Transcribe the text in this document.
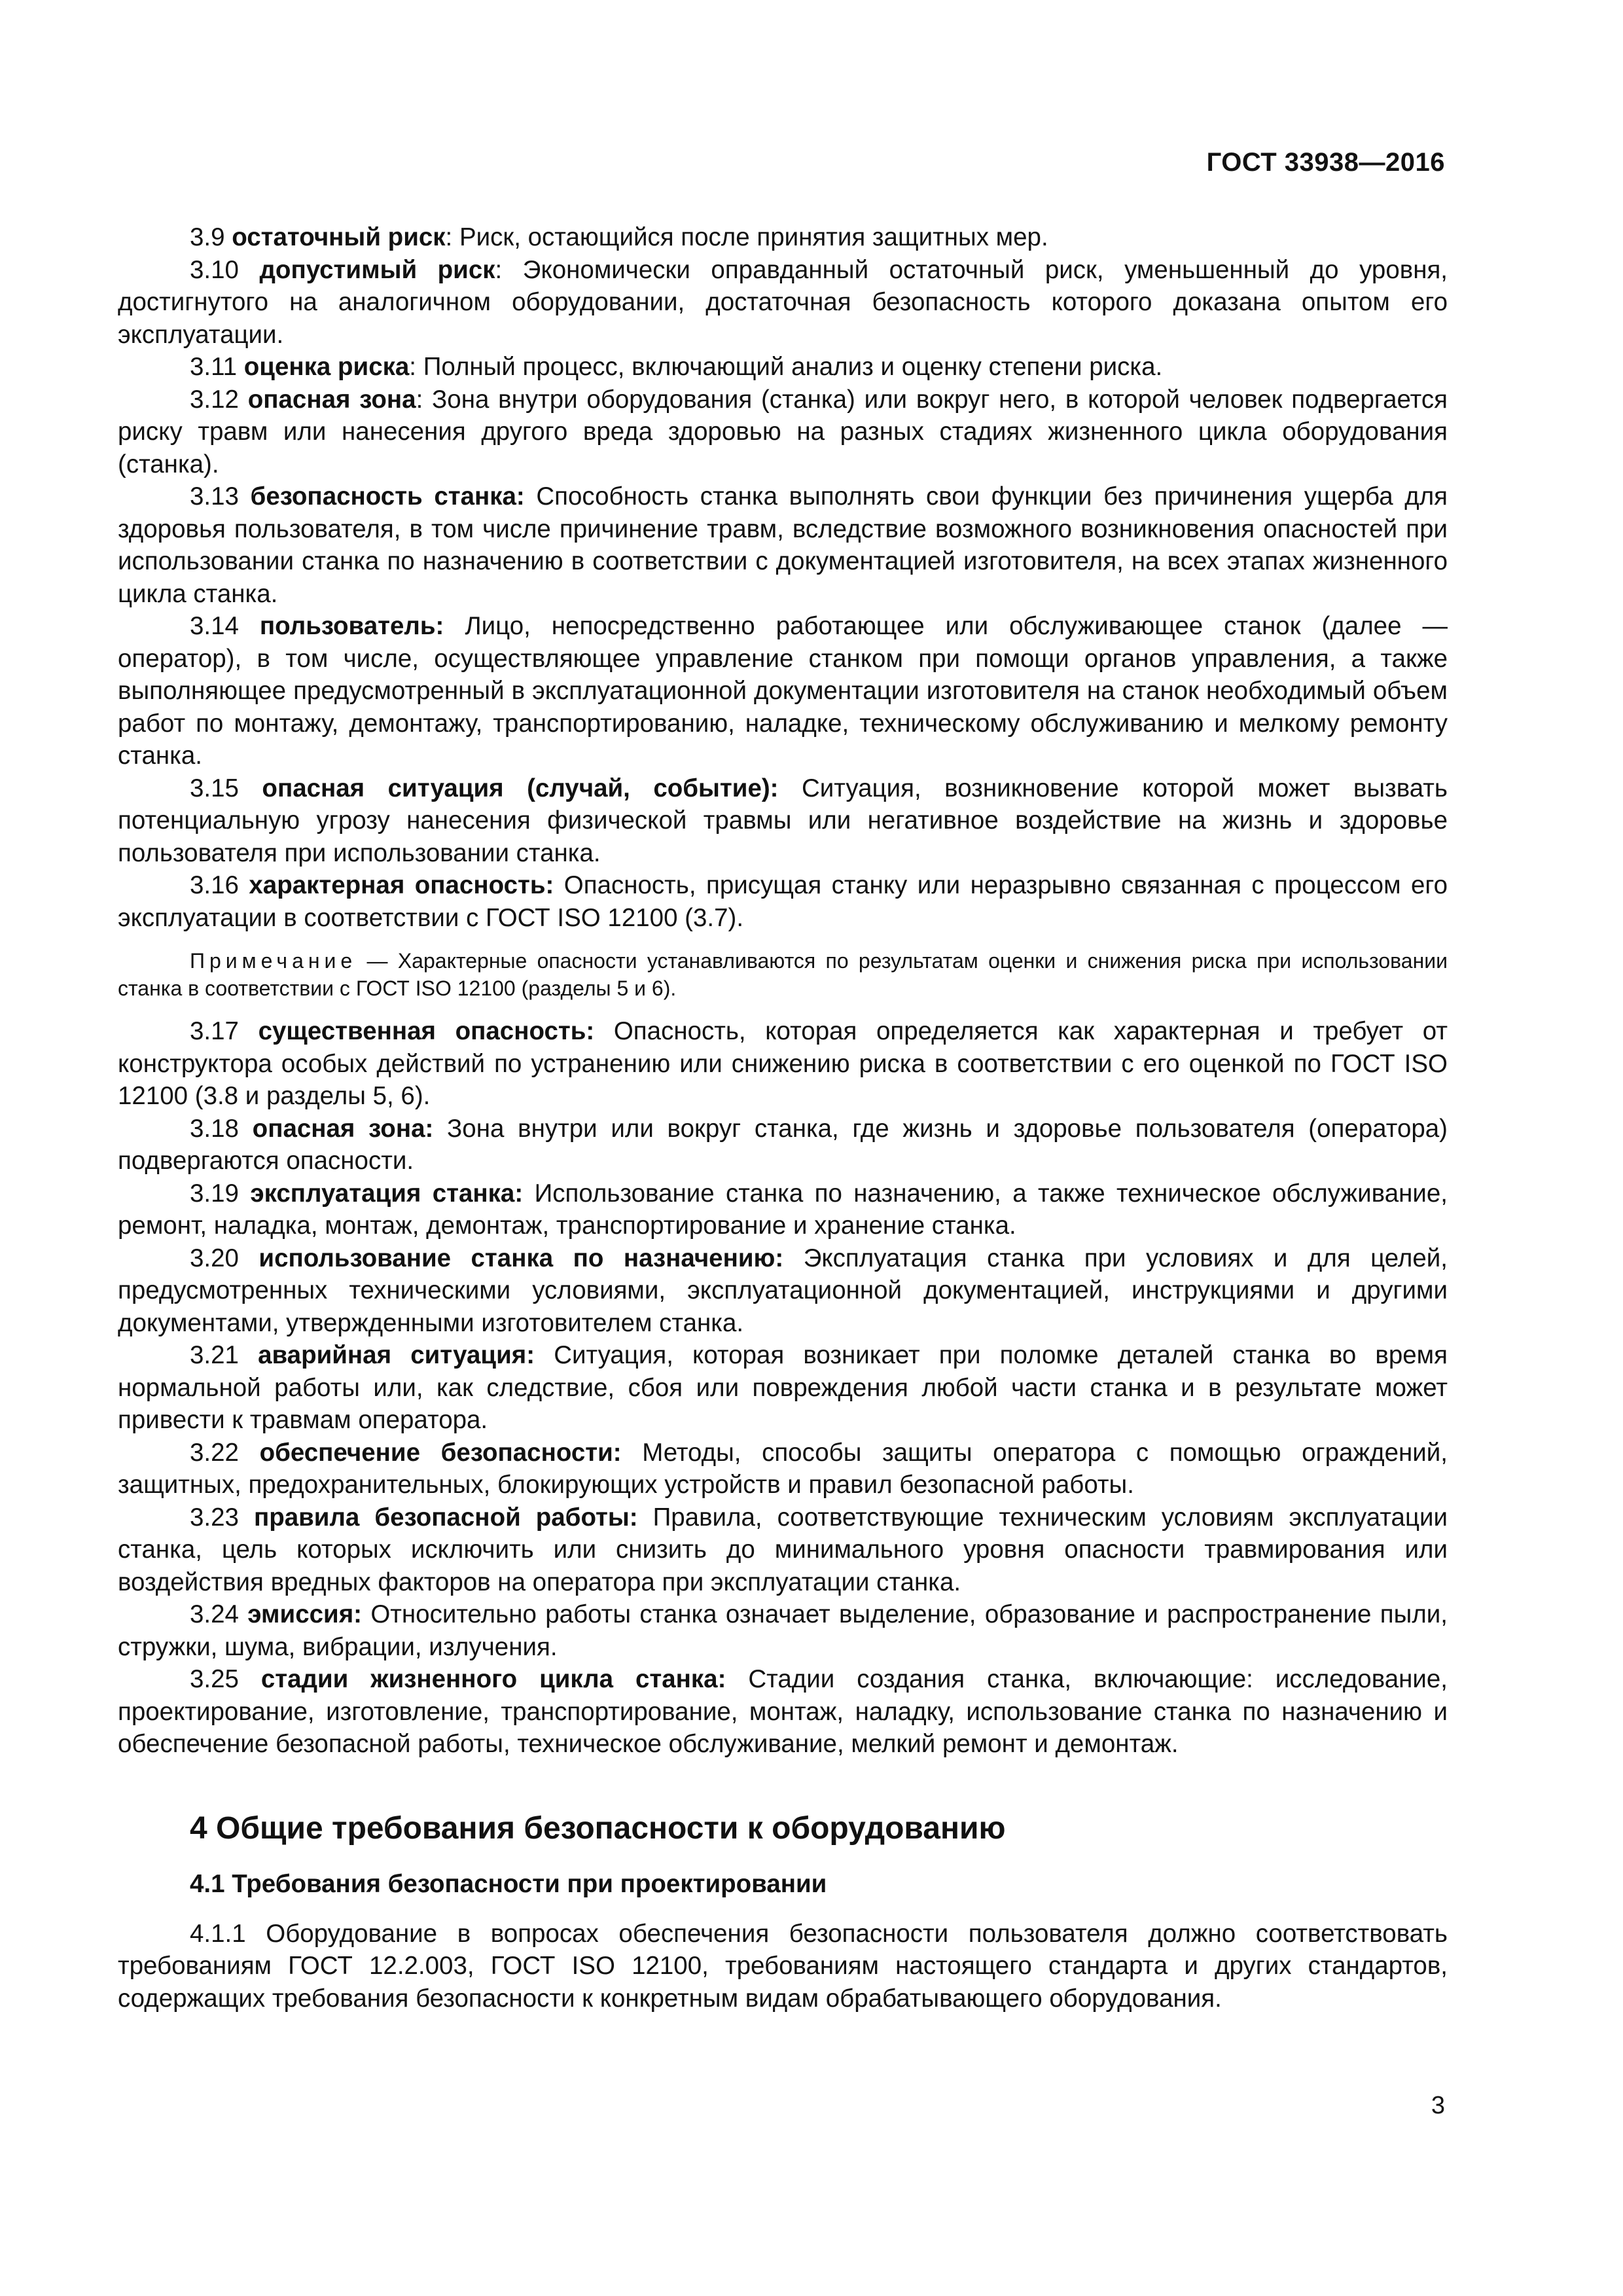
ГОСТ 33938—2016

3.9 остаточный риск: Риск, остающийся после принятия защитных мер.

3.10 допустимый риск: Экономически оправданный остаточный риск, уменьшенный до уровня, достигнутого на аналогичном оборудовании, достаточная безопасность которого доказана опытом его эксплуатации.

3.11 оценка риска: Полный процесс, включающий анализ и оценку степени риска.

3.12 опасная зона: Зона внутри оборудования (станка) или вокруг него, в которой человек подвергается риску травм или нанесения другого вреда здоровью на разных стадиях жизненного цикла оборудования (станка).

3.13 безопасность станка: Способность станка выполнять свои функции без причинения ущерба для здоровья пользователя, в том числе причинение травм, вследствие возможного возникновения опасностей при использовании станка по назначению в соответствии с документацией изготовителя, на всех этапах жизненного цикла станка.

3.14 пользователь: Лицо, непосредственно работающее или обслуживающее станок (далее — оператор), в том числе, осуществляющее управление станком при помощи органов управления, а также выполняющее предусмотренный в эксплуатационной документации изготовителя на станок необходимый объем работ по монтажу, демонтажу, транспортированию, наладке, техническому обслуживанию и мелкому ремонту станка.

3.15 опасная ситуация (случай, событие): Ситуация, возникновение которой может вызвать потенциальную угрозу нанесения физической травмы или негативное воздействие на жизнь и здоровье пользователя при использовании станка.

3.16 характерная опасность: Опасность, присущая станку или неразрывно связанная с процессом его эксплуатации в соответствии с ГОСТ ISO 12100 (3.7).

Примечание — Характерные опасности устанавливаются по результатам оценки и снижения риска при использовании станка в соответствии с ГОСТ ISO 12100 (разделы 5 и 6).

3.17 существенная опасность: Опасность, которая определяется как характерная и требует от конструктора особых действий по устранению или снижению риска в соответствии с его оценкой по ГОСТ ISO 12100 (3.8 и разделы 5, 6).

3.18 опасная зона: Зона внутри или вокруг станка, где жизнь и здоровье пользователя (оператора) подвергаются опасности.

3.19 эксплуатация станка: Использование станка по назначению, а также техническое обслуживание, ремонт, наладка, монтаж, демонтаж, транспортирование и хранение станка.

3.20 использование станка по назначению: Эксплуатация станка при условиях и для целей, предусмотренных техническими условиями, эксплуатационной документацией, инструкциями и другими документами, утвержденными изготовителем станка.

3.21 аварийная ситуация: Ситуация, которая возникает при поломке деталей станка во время нормальной работы или, как следствие, сбоя или повреждения любой части станка и в результате может привести к травмам оператора.

3.22 обеспечение безопасности: Методы, способы защиты оператора с помощью ограждений, защитных, предохранительных, блокирующих устройств и правил безопасной работы.

3.23 правила безопасной работы: Правила, соответствующие техническим условиям эксплуатации станка, цель которых исключить или снизить до минимального уровня опасности травмирования или воздействия вредных факторов на оператора при эксплуатации станка.

3.24 эмиссия: Относительно работы станка означает выделение, образование и распространение пыли, стружки, шума, вибрации, излучения.

3.25 стадии жизненного цикла станка: Стадии создания станка, включающие: исследование, проектирование, изготовление, транспортирование, монтаж, наладку, использование станка по назначению и обеспечение безопасной работы, техническое обслуживание, мелкий ремонт и демонтаж.

4 Общие требования безопасности к оборудованию
4.1 Требования безопасности при проектировании

4.1.1 Оборудование в вопросах обеспечения безопасности пользователя должно соответствовать требованиям ГОСТ 12.2.003, ГОСТ ISO 12100, требованиям настоящего стандарта и других стандартов, содержащих требования безопасности к конкретным видам обрабатывающего оборудования.

3
